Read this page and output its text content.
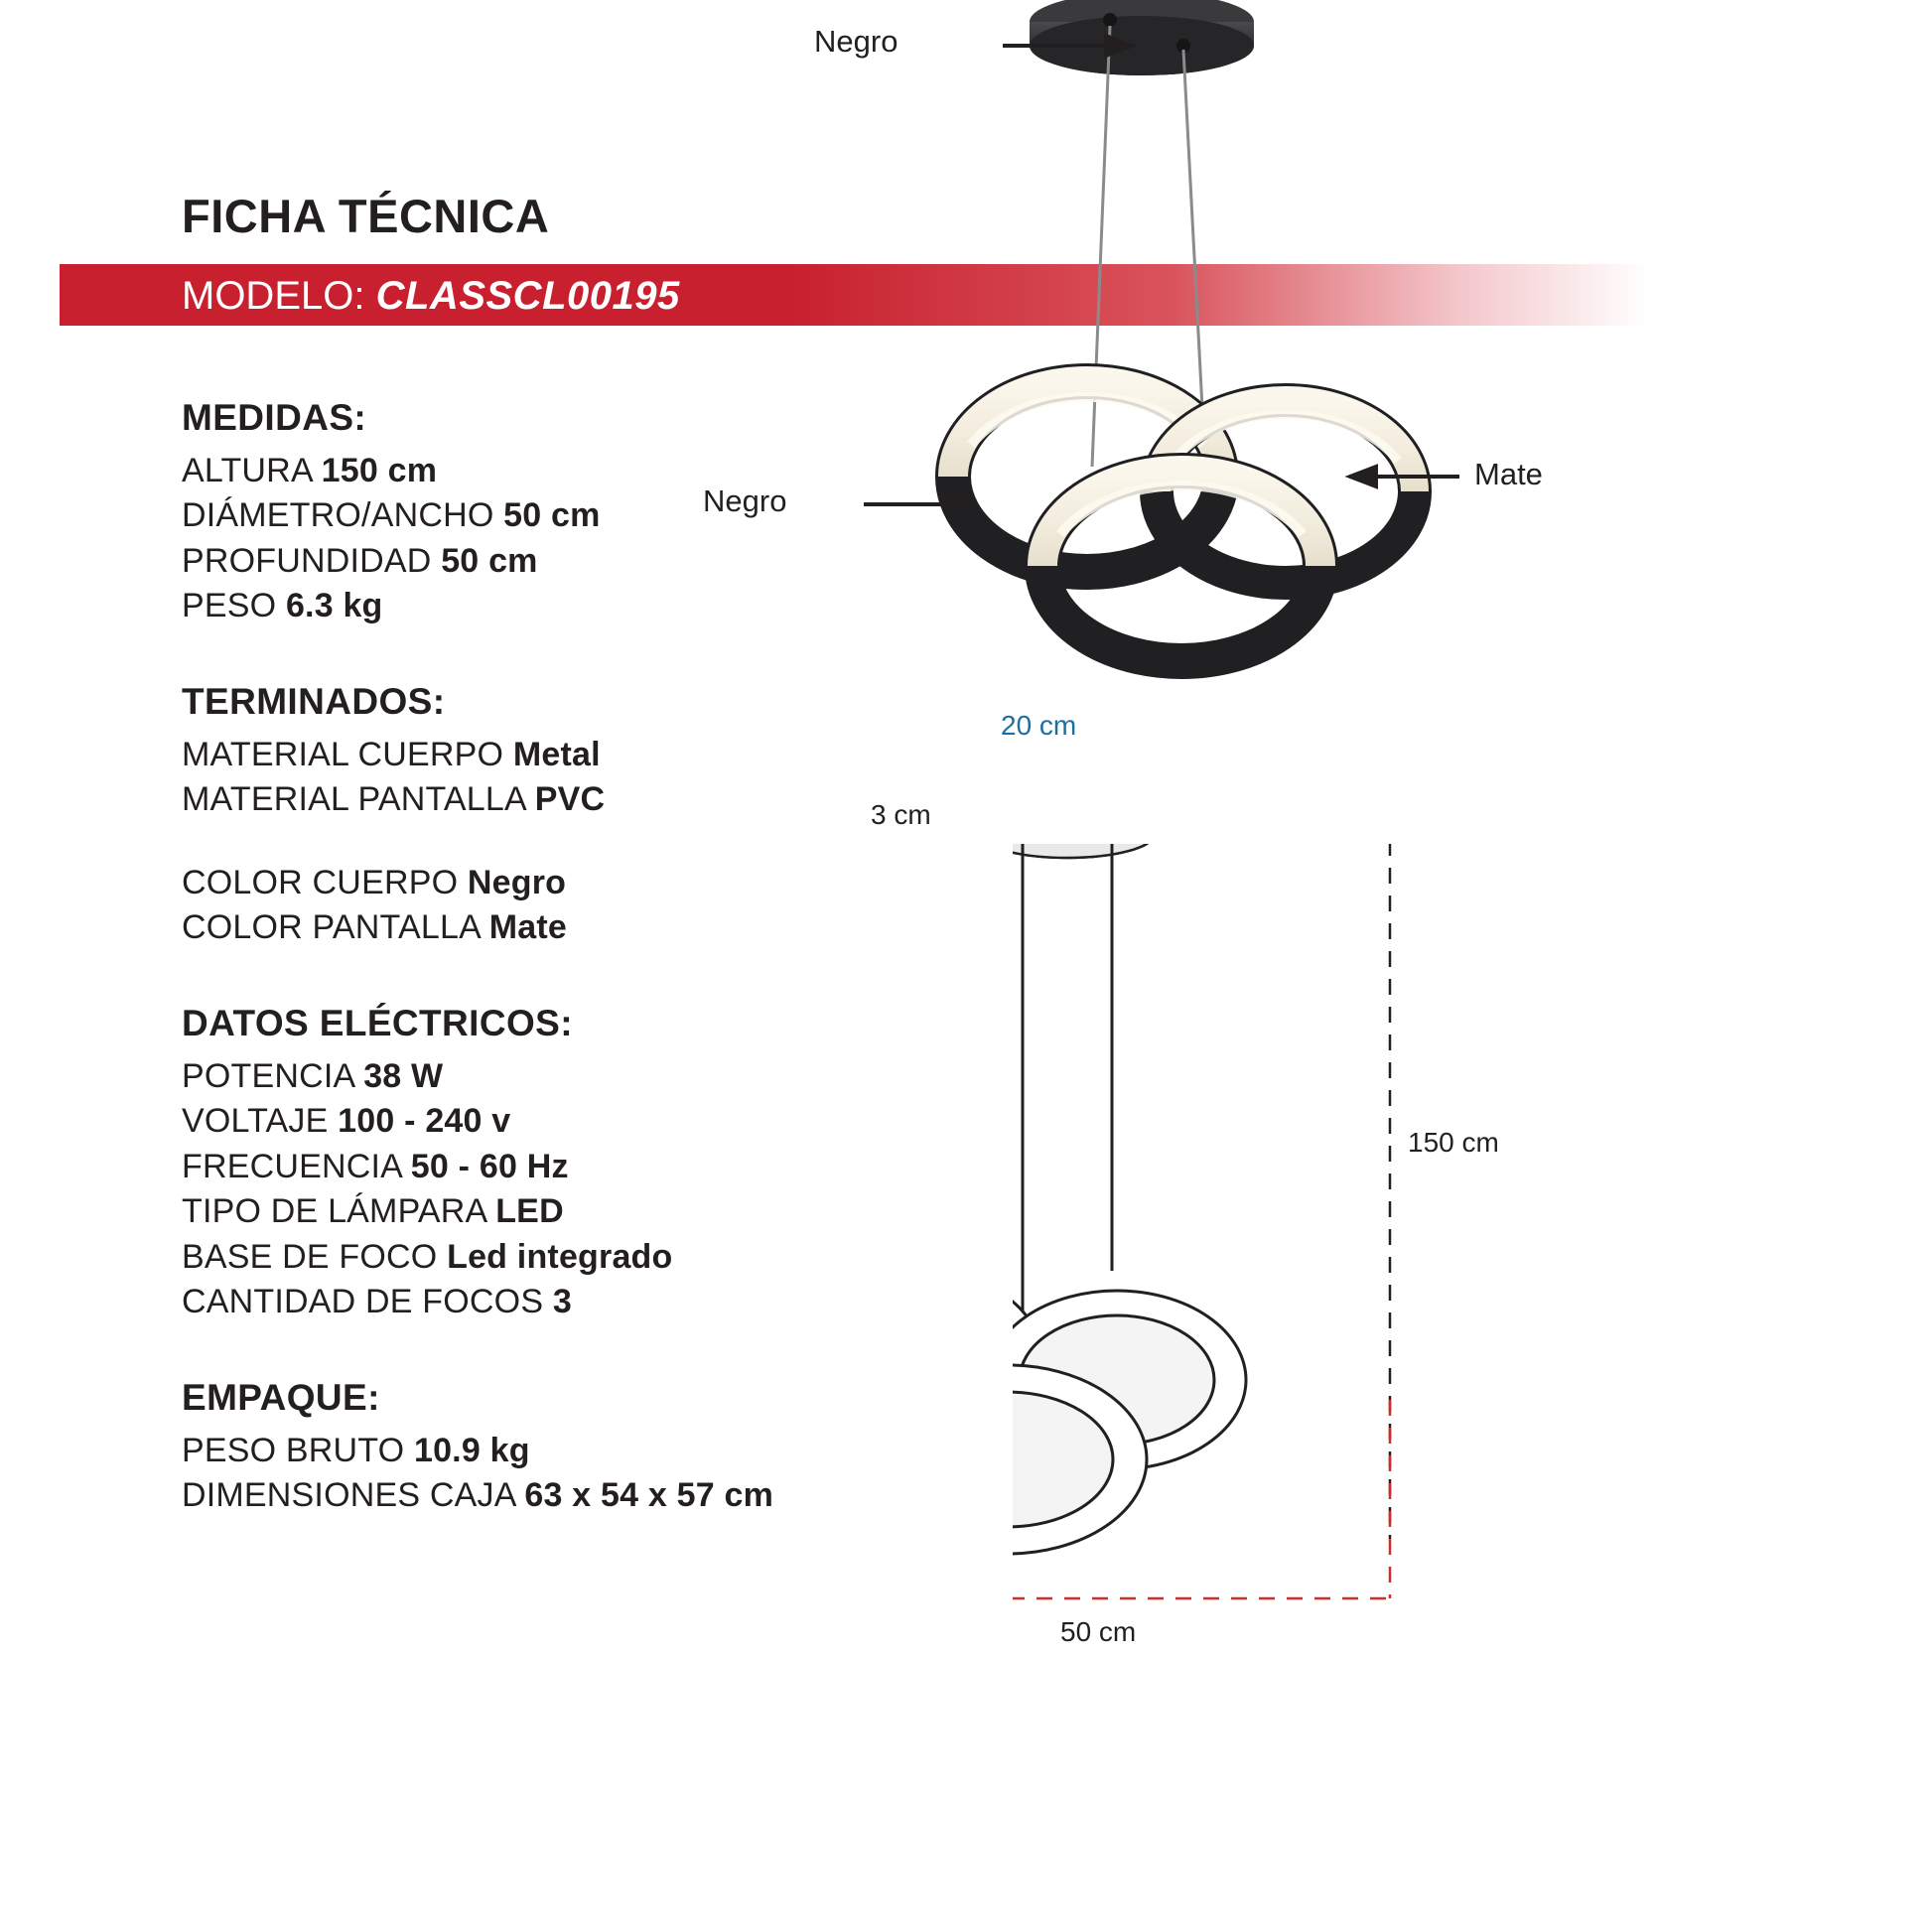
FICHA TÉCNICA
MODELO: CLASSCL00195
MEDIDAS:
ALTURA 150 cm
DIÁMETRO/ANCHO 50 cm
PROFUNDIDAD 50 cm
PESO 6.3 kg
TERMINADOS:
MATERIAL CUERPO Metal
MATERIAL PANTALLA PVC

COLOR CUERPO Negro
COLOR PANTALLA Mate
DATOS ELÉCTRICOS:
POTENCIA 38 W
VOLTAJE 100 - 240 v
FRECUENCIA 50 - 60 Hz
TIPO DE LÁMPARA LED
BASE DE FOCO Led integrado
CANTIDAD DE FOCOS 3
EMPAQUE:
PESO BRUTO 10.9 kg
DIMENSIONES CAJA 63 x 54 x 57 cm
Negro
Negro
Mate
20 cm
3 cm
150 cm
50 cm
